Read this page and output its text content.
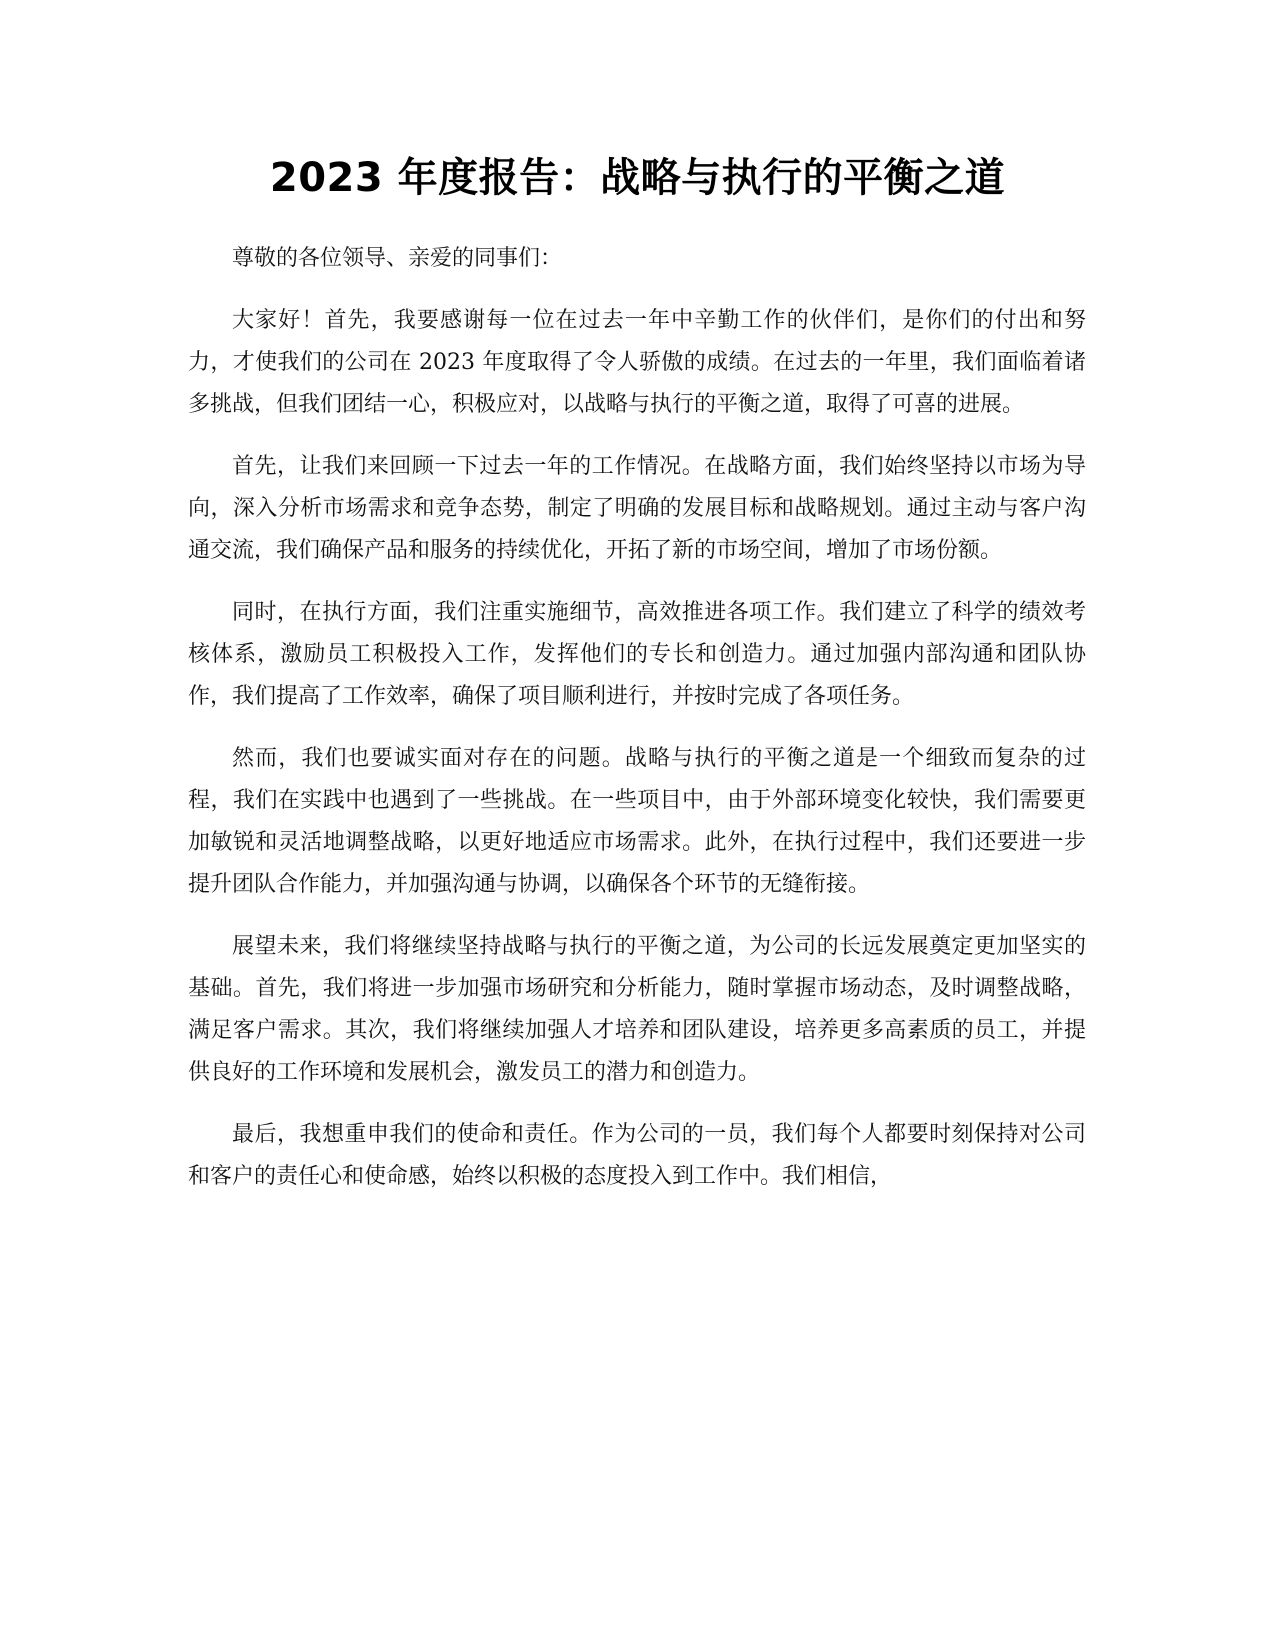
2023 年度报告：战略与执行的平衡之道

尊敬的各位领导、亲爱的同事们：

大家好！首先，我要感谢每一位在过去一年中辛勤工作的伙伴们，是你们的付出和努力，才使我们的公司在 2023 年度取得了令人骄傲的成绩。在过去的一年里，我们面临着诸多挑战，但我们团结一心，积极应对，以战略与执行的平衡之道，取得了可喜的进展。

首先，让我们来回顾一下过去一年的工作情况。在战略方面，我们始终坚持以市场为导向，深入分析市场需求和竞争态势，制定了明确的发展目标和战略规划。通过主动与客户沟通交流，我们确保产品和服务的持续优化，开拓了新的市场空间，增加了市场份额。

同时，在执行方面，我们注重实施细节，高效推进各项工作。我们建立了科学的绩效考核体系，激励员工积极投入工作，发挥他们的专长和创造力。通过加强内部沟通和团队协作，我们提高了工作效率，确保了项目顺利进行，并按时完成了各项任务。

然而，我们也要诚实面对存在的问题。战略与执行的平衡之道是一个细致而复杂的过程，我们在实践中也遇到了一些挑战。在一些项目中，由于外部环境变化较快，我们需要更加敏锐和灵活地调整战略，以更好地适应市场需求。此外，在执行过程中，我们还要进一步提升团队合作能力，并加强沟通与协调，以确保各个环节的无缝衔接。

展望未来，我们将继续坚持战略与执行的平衡之道，为公司的长远发展奠定更加坚实的基础。首先，我们将进一步加强市场研究和分析能力，随时掌握市场动态，及时调整战略，满足客户需求。其次，我们将继续加强人才培养和团队建设，培养更多高素质的员工，并提供良好的工作环境和发展机会，激发员工的潜力和创造力。

最后，我想重申我们的使命和责任。作为公司的一员，我们每个人都要时刻保持对公司和客户的责任心和使命感，始终以积极的态度投入到工作中。我们相信，
